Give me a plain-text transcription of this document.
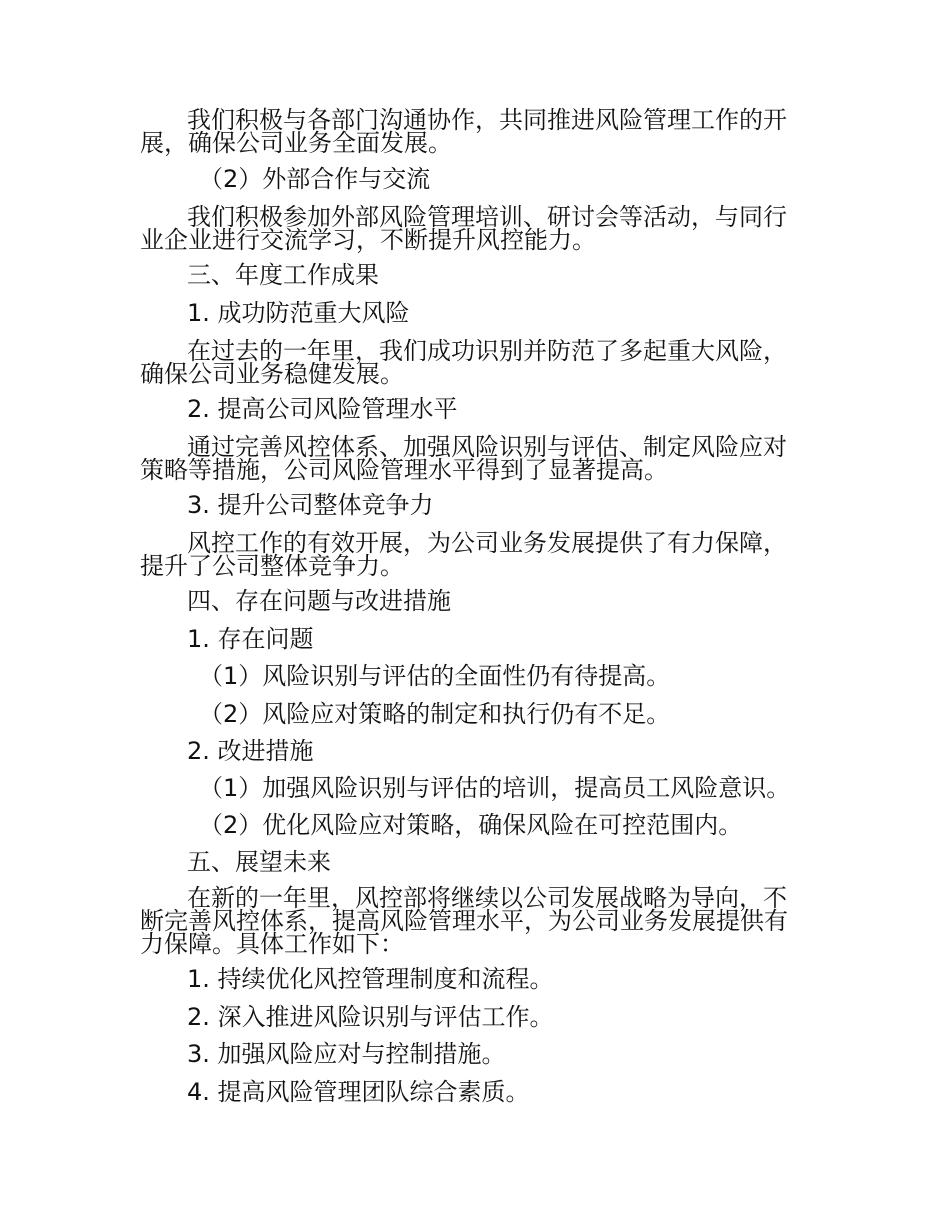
我们积极与各部门沟通协作，共同推进风险管理工作的开
展，确保公司业务全面发展。
（2）外部合作与交流
我们积极参加外部风险管理培训、研讨会等活动，与同行
业企业进行交流学习，不断提升风控能力。
三、年度工作成果
1. 成功防范重大风险
在过去的一年里，我们成功识别并防范了多起重大风险，
确保公司业务稳健发展。
2. 提高公司风险管理水平
通过完善风控体系、加强风险识别与评估、制定风险应对
策略等措施，公司风险管理水平得到了显著提高。
3. 提升公司整体竞争力
风控工作的有效开展，为公司业务发展提供了有力保障，
提升了公司整体竞争力。
四、存在问题与改进措施
1. 存在问题
（1）风险识别与评估的全面性仍有待提高。
（2）风险应对策略的制定和执行仍有不足。
2. 改进措施
（1）加强风险识别与评估的培训，提高员工风险意识。
（2）优化风险应对策略，确保风险在可控范围内。
五、展望未来
在新的一年里，风控部将继续以公司发展战略为导向，不
断完善风控体系，提高风险管理水平，为公司业务发展提供有
力保障。具体工作如下：
1. 持续优化风控管理制度和流程。
2. 深入推进风险识别与评估工作。
3. 加强风险应对与控制措施。
4. 提高风险管理团队综合素质。
